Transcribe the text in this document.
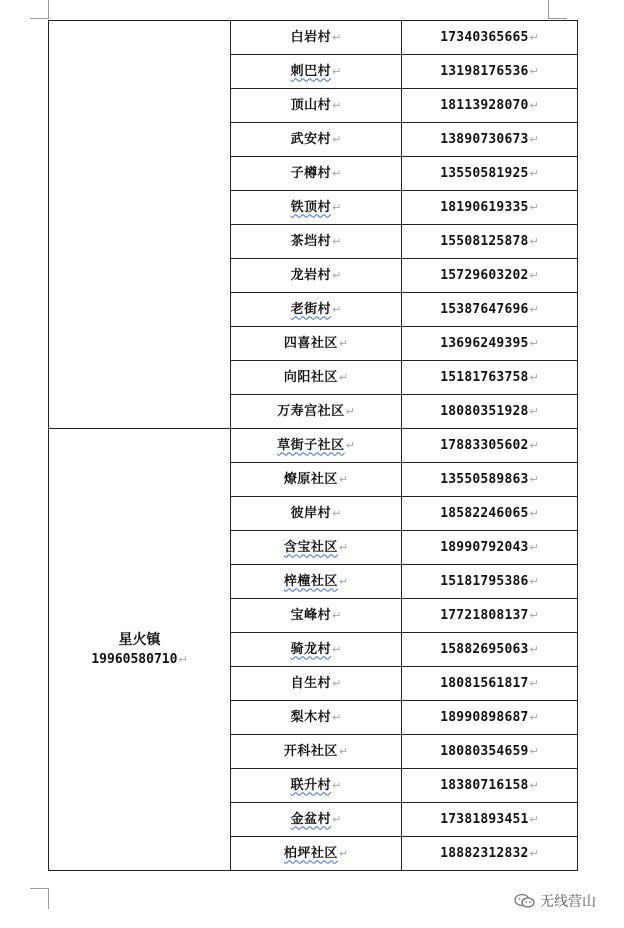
	白岩村↵	17340365665↵
	刺巴村↵	13198176536↵
	顶山村↵	18113928070↵
	武安村↵	13890730673↵
	子樽村↵	13550581925↵
	铁顶村↵	18190619335↵
	茶垱村↵	15508125878↵
	龙岩村↵	15729603202↵
	老街村↵	15387647696↵
	四喜社区↵	13696249395↵
	向阳社区↵	15181763758↵
	万寿宫社区↵	18080351928↵

星火镇
19960580710↵	草街子社区↵	17883305602↵
	燎原社区↵	13550589863↵
	彼岸村↵	18582246065↵
	含宝社区↵	18990792043↵
	梓橦社区↵	15181795386↵
	宝峰村↵	17721808137↵
	骑龙村↵	15882695063↵
	自生村↵	18081561817↵
	梨木村↵	18990898687↵
	开科社区↵	18080354659↵
	联升村↵	18380716158↵
	金盆村↵	17381893451↵
	柏坪社区↵	18882312832↵
无线营山
